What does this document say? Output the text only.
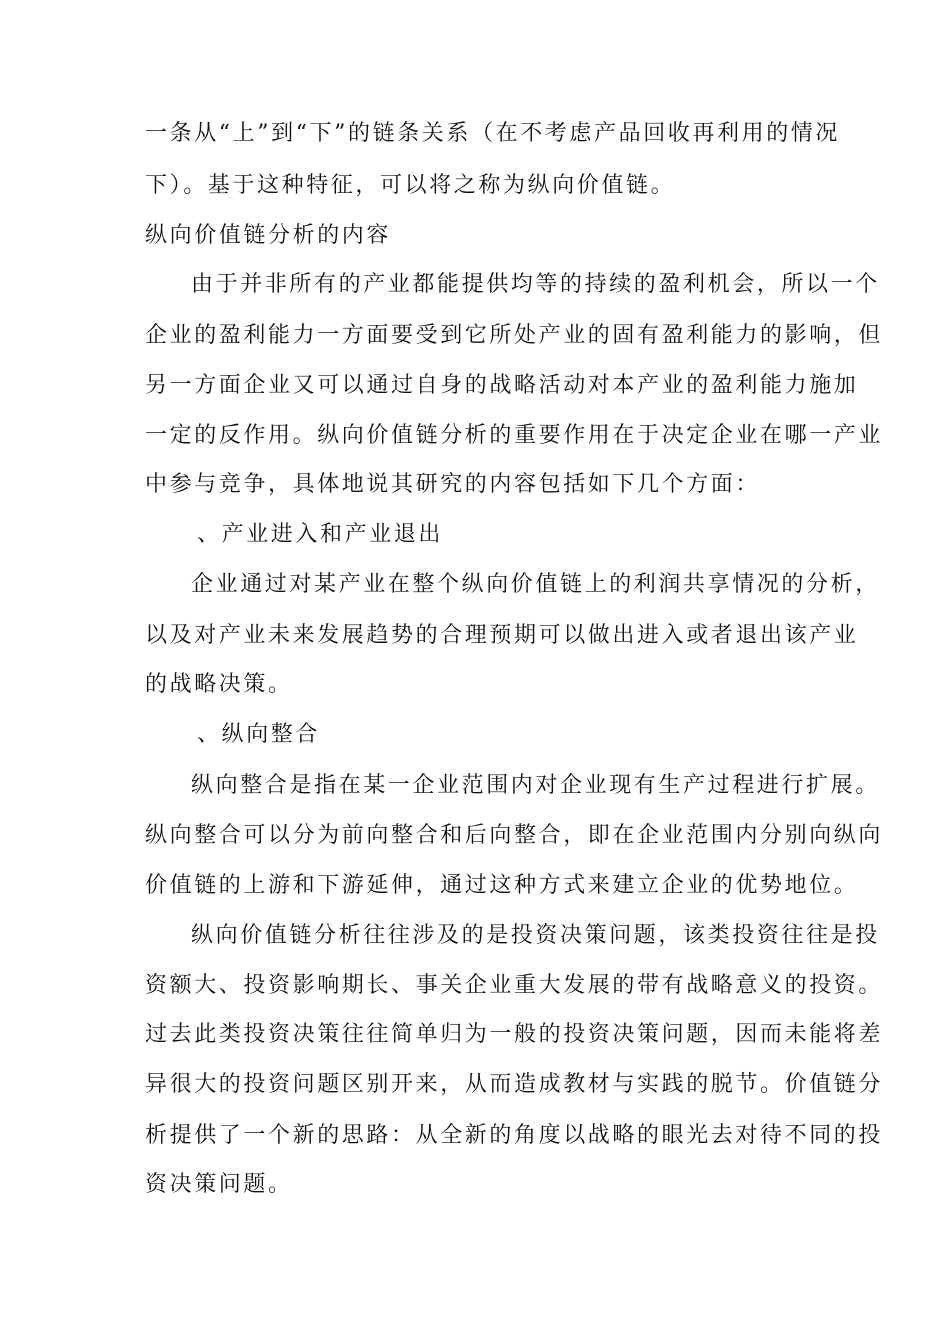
一条从“上”到“下”的链条关系（在不考虑产品回收再利用的情况
下）。基于这种特征，可以将之称为纵向价值链。
纵向价值链分析的内容
由于并非所有的产业都能提供均等的持续的盈利机会，所以一个
企业的盈利能力一方面要受到它所处产业的固有盈利能力的影响，但
另一方面企业又可以通过自身的战略活动对本产业的盈利能力施加
一定的反作用。纵向价值链分析的重要作用在于决定企业在哪一产业
中参与竞争，具体地说其研究的内容包括如下几个方面：
、产业进入和产业退出
企业通过对某产业在整个纵向价值链上的利润共享情况的分析，
以及对产业未来发展趋势的合理预期可以做出进入或者退出该产业
的战略决策。
、纵向整合
纵向整合是指在某一企业范围内对企业现有生产过程进行扩展。
纵向整合可以分为前向整合和后向整合，即在企业范围内分别向纵向
价值链的上游和下游延伸，通过这种方式来建立企业的优势地位。
纵向价值链分析往往涉及的是投资决策问题，该类投资往往是投
资额大、投资影响期长、事关企业重大发展的带有战略意义的投资。
过去此类投资决策往往简单归为一般的投资决策问题，因而未能将差
异很大的投资问题区别开来，从而造成教材与实践的脱节。价值链分
析提供了一个新的思路：从全新的角度以战略的眼光去对待不同的投
资决策问题。
